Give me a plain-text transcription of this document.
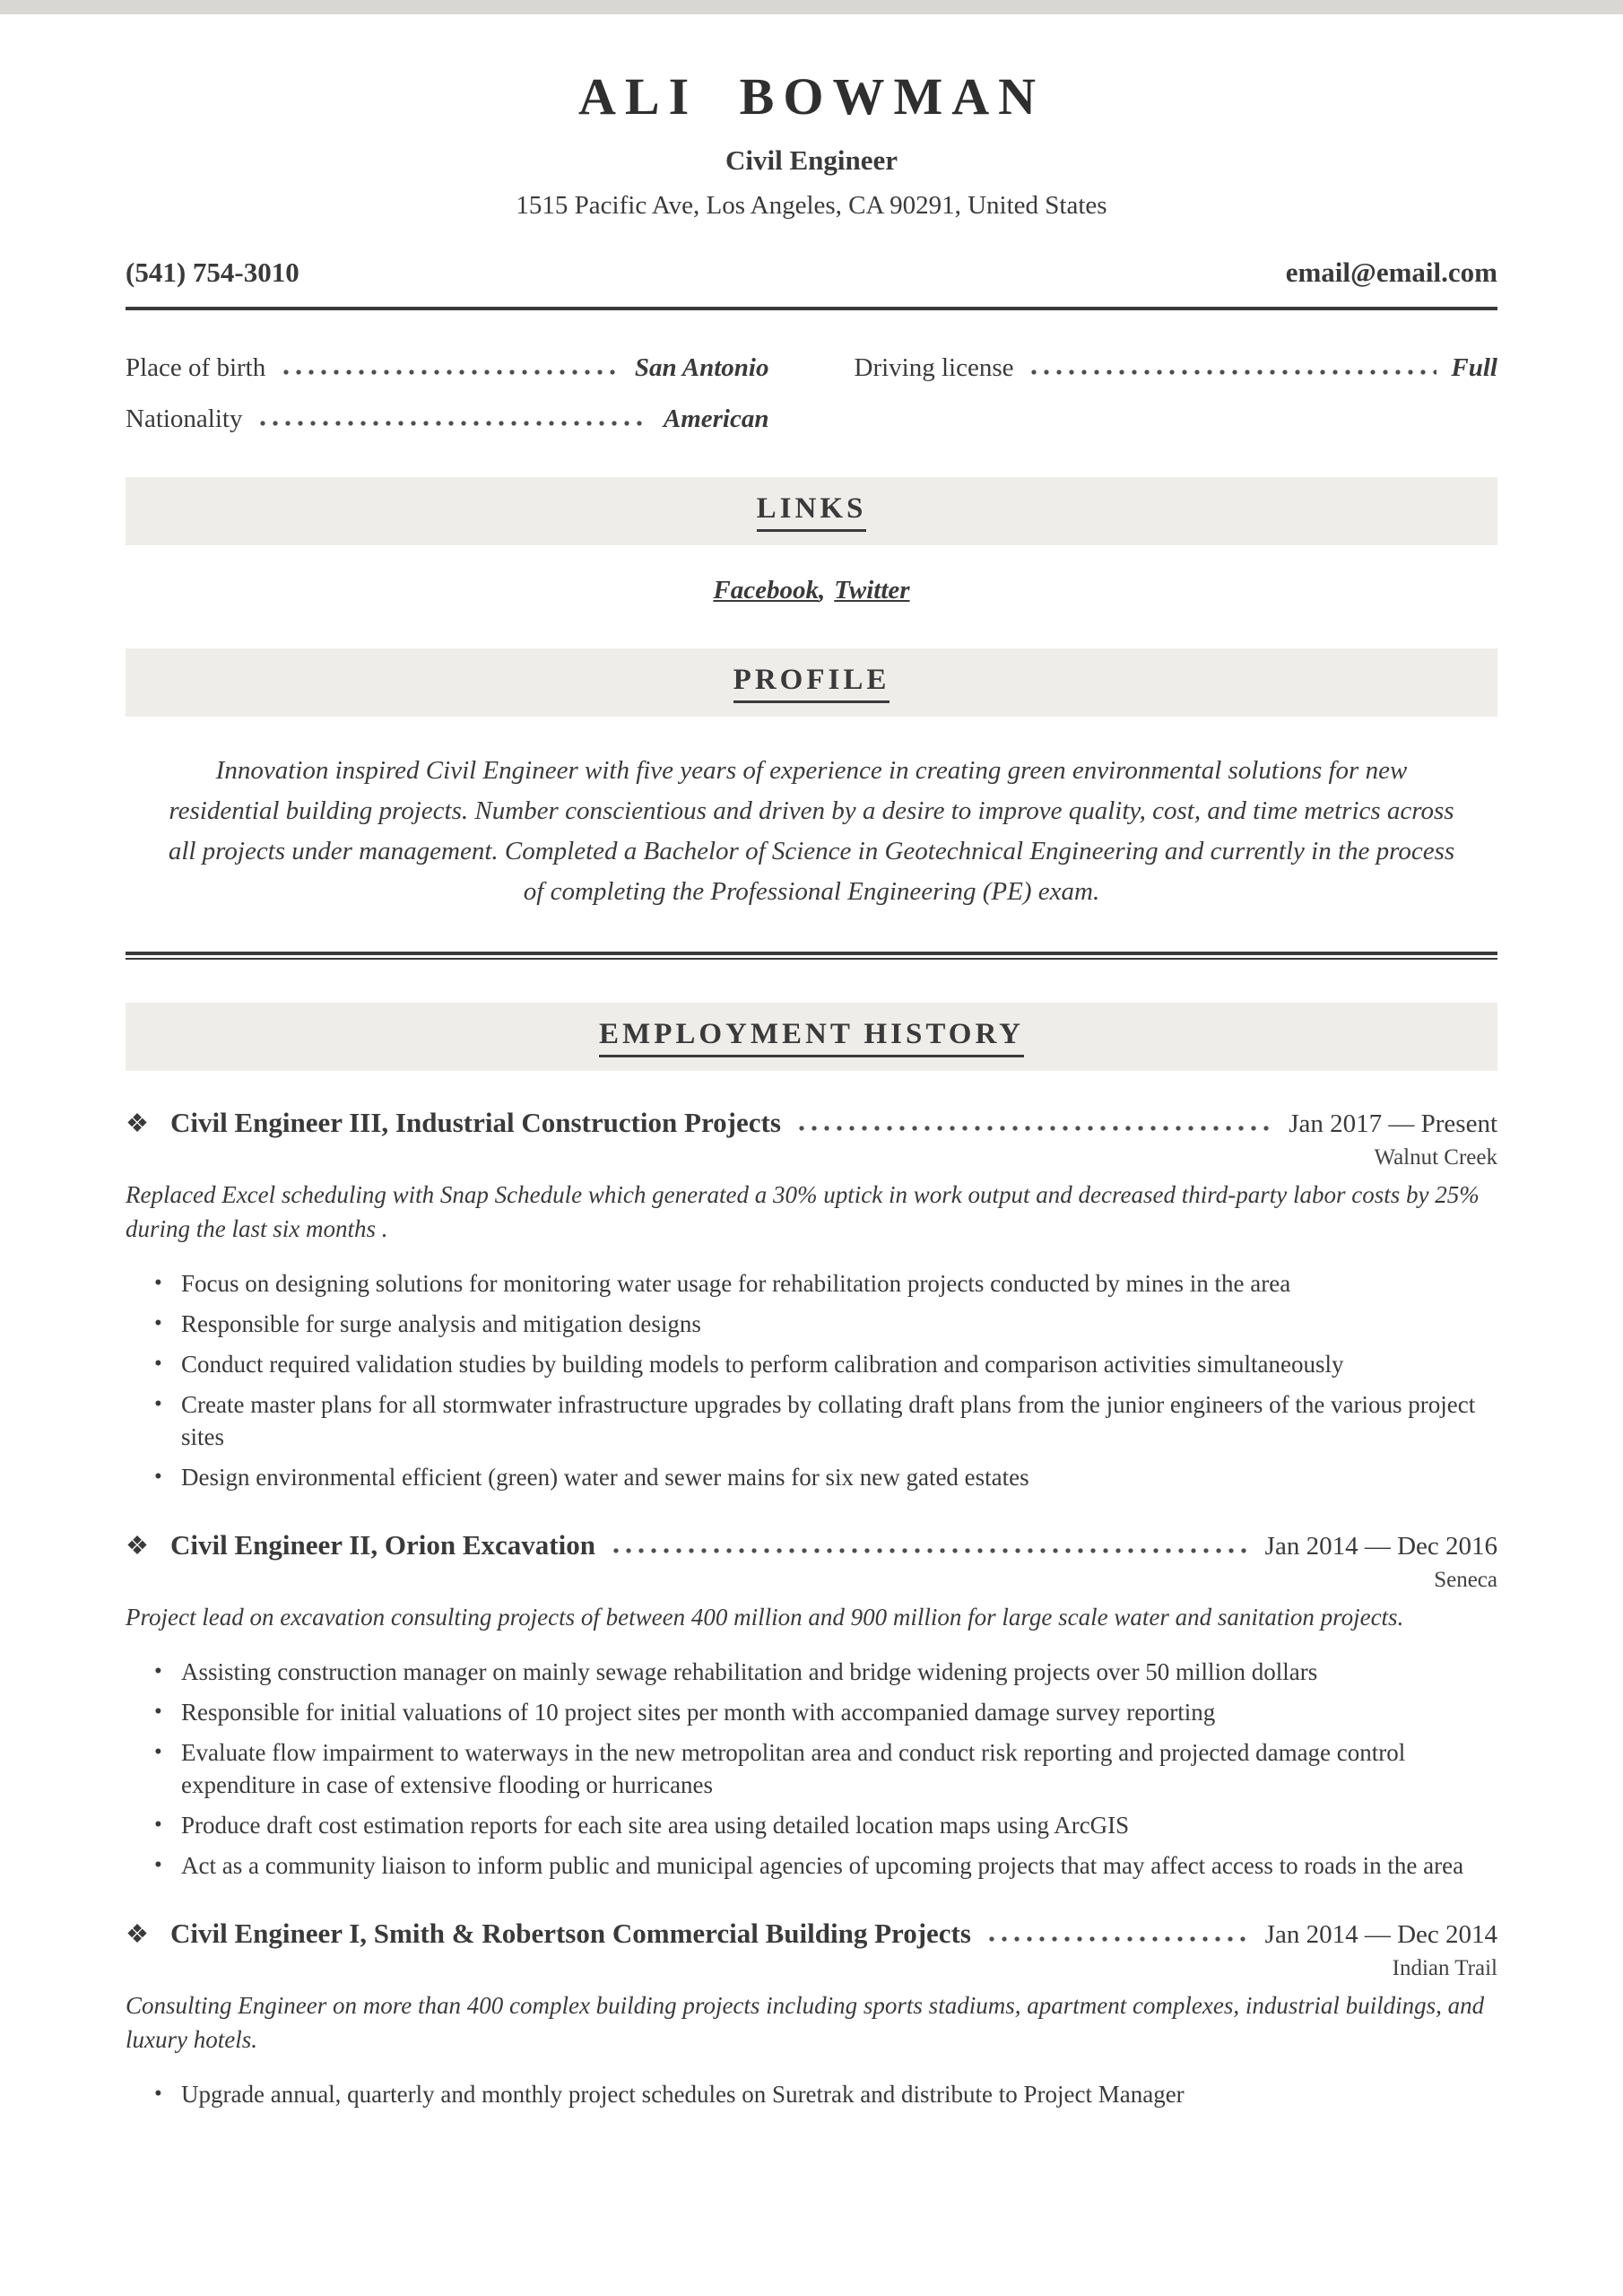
ALI BOWMAN
Civil Engineer
1515 Pacific Ave, Los Angeles, CA 90291, United States
(541) 754-3010	email@email.com
Place of birth	San Antonio	Driving license	Full
Nationality	American
LINKS
Facebook, Twitter
PROFILE
Innovation inspired Civil Engineer with five years of experience in creating green environmental solutions for new residential building projects. Number conscientious and driven by a desire to improve quality, cost, and time metrics across all projects under management. Completed a Bachelor of Science in Geotechnical Engineering and currently in the process of completing the Professional Engineering (PE) exam.
EMPLOYMENT HISTORY
❖ Civil Engineer III, Industrial Construction Projects	Jan 2017 — Present
Walnut Creek
Replaced Excel scheduling with Snap Schedule which generated a 30% uptick in work output and decreased third-party labor costs by 25% during the last six months .
• Focus on designing solutions for monitoring water usage for rehabilitation projects conducted by mines in the area
• Responsible for surge analysis and mitigation designs
• Conduct required validation studies by building models to perform calibration and comparison activities simultaneously
• Create master plans for all stormwater infrastructure upgrades by collating draft plans from the junior engineers of the various project sites
• Design environmental efficient (green) water and sewer mains for six new gated estates
❖ Civil Engineer II, Orion Excavation	Jan 2014 — Dec 2016
Seneca
Project lead on excavation consulting projects of between 400 million and 900 million for large scale water and sanitation projects.
• Assisting construction manager on mainly sewage rehabilitation and bridge widening projects over 50 million dollars
• Responsible for initial valuations of 10 project sites per month with accompanied damage survey reporting
• Evaluate flow impairment to waterways in the new metropolitan area and conduct risk reporting and projected damage control expenditure in case of extensive flooding or hurricanes
• Produce draft cost estimation reports for each site area using detailed location maps using ArcGIS
• Act as a community liaison to inform public and municipal agencies of upcoming projects that may affect access to roads in the area
❖ Civil Engineer I, Smith & Robertson Commercial Building Projects	Jan 2014 — Dec 2014
Indian Trail
Consulting Engineer on more than 400 complex building projects including sports stadiums, apartment complexes, industrial buildings, and luxury hotels.
• Upgrade annual, quarterly and monthly project schedules on Suretrak and distribute to Project Manager
